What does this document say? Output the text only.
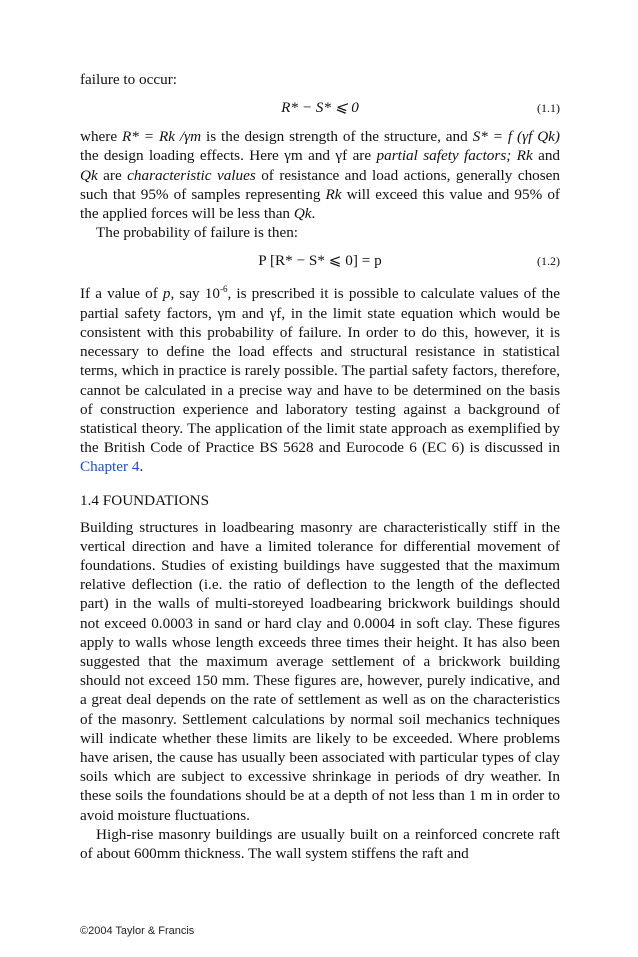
failure to occur:

R* − S* ⩽ 0	(1.1)

where R* = Rk /γm is the design strength of the structure, and S* = f (γf Qk) the design loading effects. Here γm and γf are partial safety factors; Rk and Qk are characteristic values of resistance and load actions, generally chosen such that 95% of samples representing Rk will exceed this value and 95% of the applied forces will be less than Qk.

The probability of failure is then:

P [R* − S* ⩽ 0] = p	(1.2)

If a value of p, say $10^{-6}$, is prescribed it is possible to calculate values of the partial safety factors, γm and γf, in the limit state equation which would be consistent with this probability of failure. In order to do this, however, it is necessary to define the load effects and structural resistance in statistical terms, which in practice is rarely possible. The partial safety factors, therefore, cannot be calculated in a precise way and have to be determined on the basis of construction experience and laboratory testing against a background of statistical theory. The application of the limit state approach as exemplified by the British Code of Practice BS 5628 and Eurocode 6 (EC 6) is discussed in Chapter 4.

1.4 FOUNDATIONS

Building structures in loadbearing masonry are characteristically stiff in the vertical direction and have a limited tolerance for differential movement of foundations. Studies of existing buildings have suggested that the maximum relative deflection (i.e. the ratio of deflection to the length of the deflected part) in the walls of multi-storeyed loadbearing brickwork buildings should not exceed 0.0003 in sand or hard clay and 0.0004 in soft clay. These figures apply to walls whose length exceeds three times their height. It has also been suggested that the maximum average settlement of a brickwork building should not exceed 150 mm. These figures are, however, purely indicative, and a great deal depends on the rate of settlement as well as on the characteristics of the masonry. Settlement calculations by normal soil mechanics techniques will indicate whether these limits are likely to be exceeded. Where problems have arisen, the cause has usually been associated with particular types of clay soils which are subject to excessive shrinkage in periods of dry weather. In these soils the foundations should be at a depth of not less than 1 m in order to avoid moisture fluctuations.

High-rise masonry buildings are usually built on a reinforced concrete raft of about 600mm thickness. The wall system stiffens the raft and

©2004 Taylor & Francis
